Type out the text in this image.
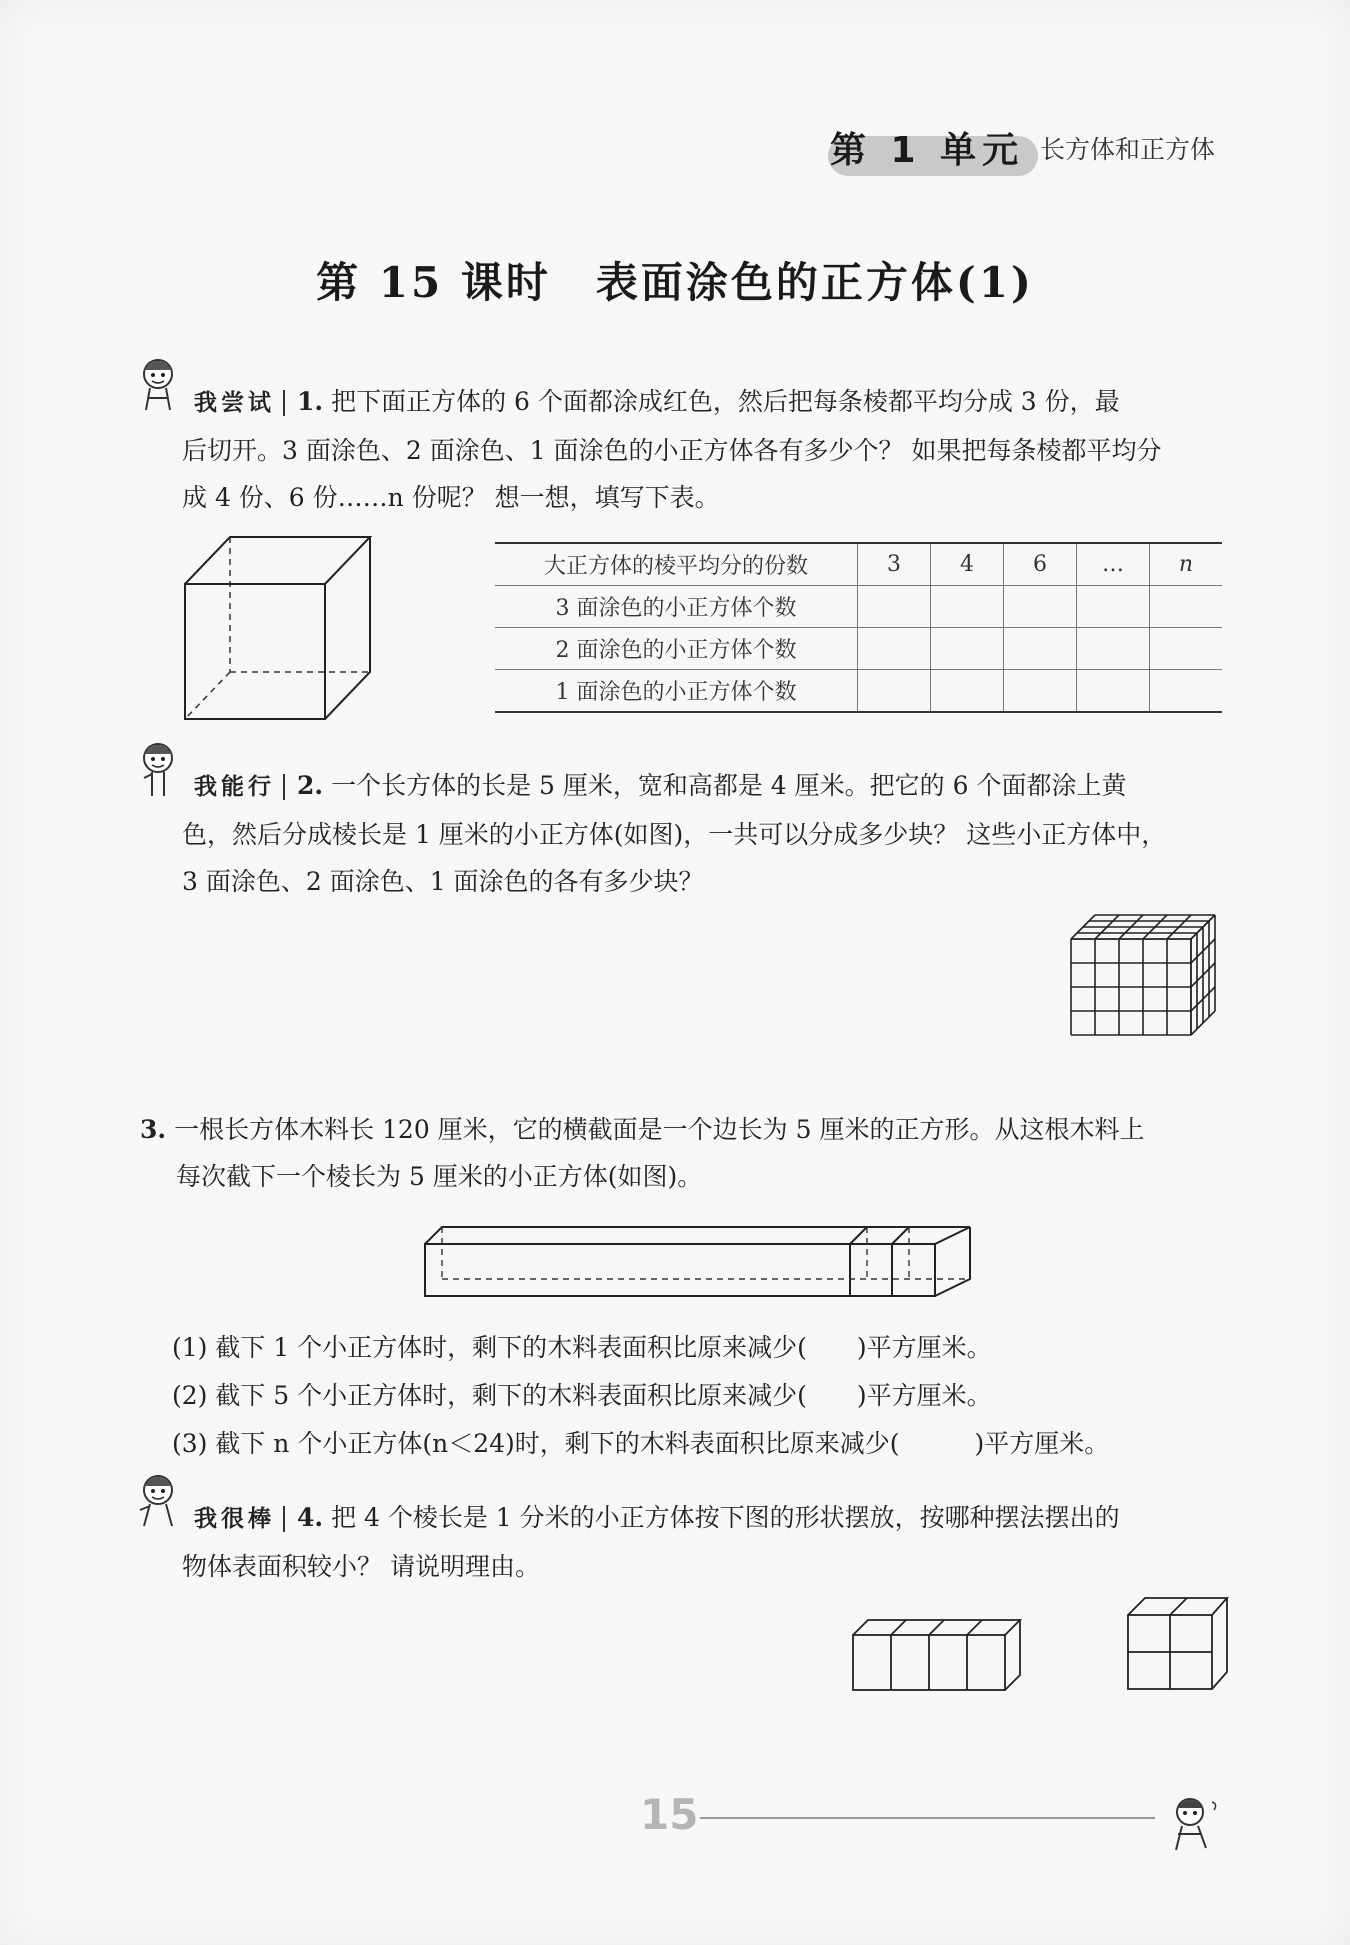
第 1 单元 长方体和正方体
第 15 课时　表面涂色的正方体(1)
我尝试 1. 把下面正方体的 6 个面都涂成红色，然后把每条棱都平均分成 3 份，最
后切开。3 面涂色、2 面涂色、1 面涂色的小正方体各有多少个？ 如果把每条棱都平均分
成 4 份、6 份……n 份呢？ 想一想，填写下表。
大正方体的棱平均分的份数	3	4	6	…	n
3 面涂色的小正方体个数					
2 面涂色的小正方体个数					
1 面涂色的小正方体个数					
我能行 2. 一个长方体的长是 5 厘米，宽和高都是 4 厘米。把它的 6 个面都涂上黄
色，然后分成棱长是 1 厘米的小正方体(如图)，一共可以分成多少块？ 这些小正方体中，
3 面涂色、2 面涂色、1 面涂色的各有多少块？
3. 一根长方体木料长 120 厘米，它的横截面是一个边长为 5 厘米的正方形。从这根木料上
每次截下一个棱长为 5 厘米的小正方体(如图)。
(1) 截下 1 个小正方体时，剩下的木料表面积比原来减少(　　)平方厘米。
(2) 截下 5 个小正方体时，剩下的木料表面积比原来减少(　　)平方厘米。
(3) 截下 n 个小正方体(n＜24)时，剩下的木料表面积比原来减少(　　　)平方厘米。
我很棒 4. 把 4 个棱长是 1 分米的小正方体按下图的形状摆放，按哪种摆法摆出的
物体表面积较小？ 请说明理由。
15
